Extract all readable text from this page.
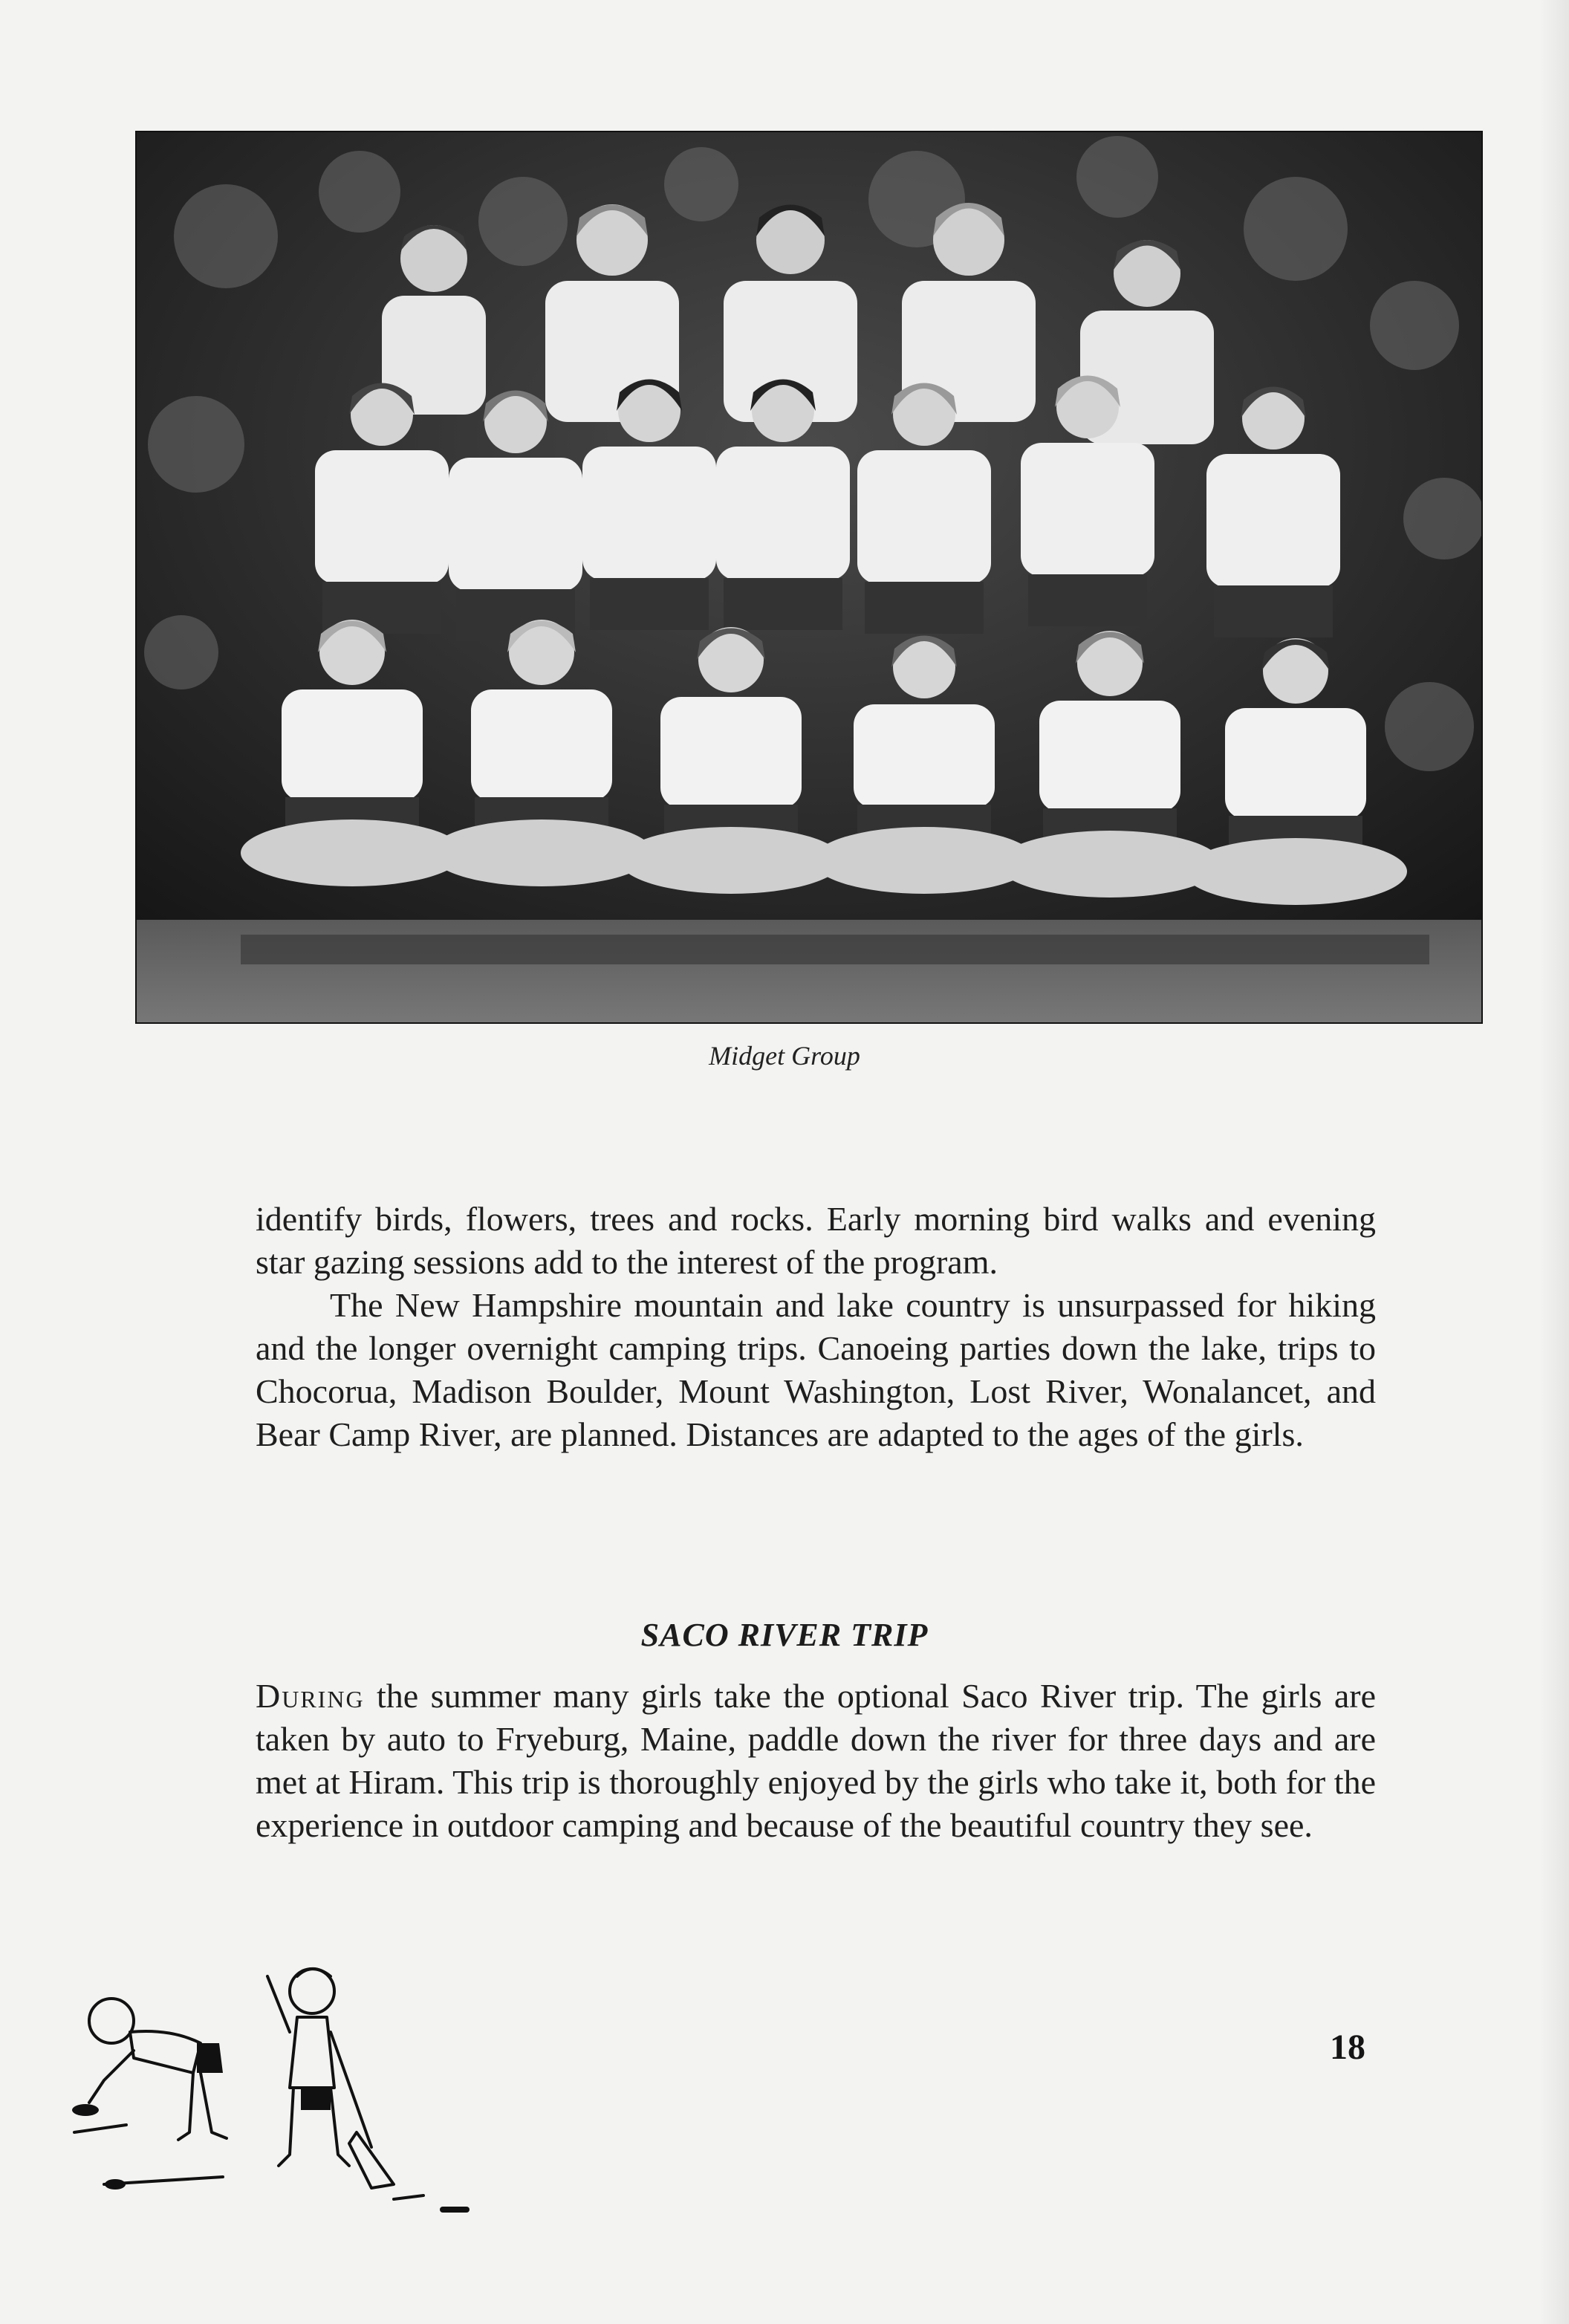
Midget Group

identify birds, flowers, trees and rocks. Early morning bird walks and evening star gazing sessions add to the interest of the program.

The New Hampshire mountain and lake country is unsurpassed for hiking and the longer overnight camping trips. Canoeing parties down the lake, trips to Chocorua, Madison Boulder, Mount Washington, Lost River, Wonalancet, and Bear Camp River, are planned. Distances are adapted to the ages of the girls.

SACO RIVER TRIP

During the summer many girls take the optional Saco River trip. The girls are taken by auto to Fryeburg, Maine, paddle down the river for three days and are met at Hiram. This trip is thoroughly enjoyed by the girls who take it, both for the experience in outdoor camping and because of the beautiful country they see.

18
